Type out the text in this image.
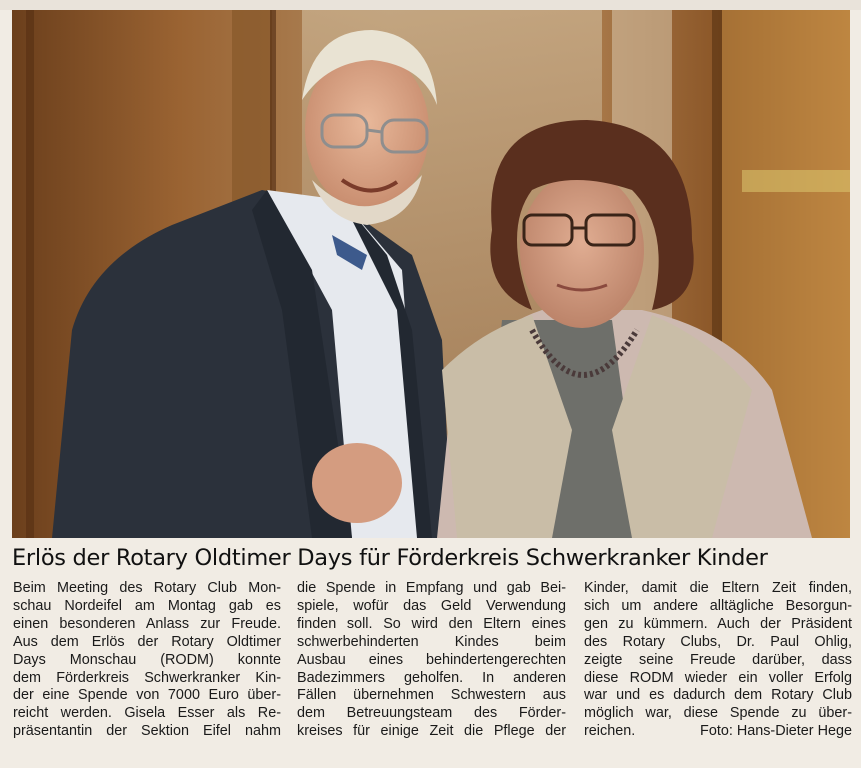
Erlös der Rotary Oldtimer Days für Förderkreis Schwerkranker Kinder
Beim Meeting des Rotary Club Mon-
schau Nordeifel am Montag gab es
einen besonderen Anlass zur Freude.
Aus dem Erlös der Rotary Oldtimer
Days Monschau (RODM) konnte
dem Förderkreis Schwerkranker Kin-
der eine Spende von 7000 Euro über-
reicht werden. Gisela Esser als Re-
präsentantin der Sektion Eifel nahm
die Spende in Empfang und gab Bei-
spiele, wofür das Geld Verwendung
finden soll. So wird den Eltern eines
schwerbehinderten Kindes beim
Ausbau eines behindertengerechten
Badezimmers geholfen. In anderen
Fällen übernehmen Schwestern aus
dem Betreuungsteam des Förder-
kreises für einige Zeit die Pflege der
Kinder, damit die Eltern Zeit finden,
sich um andere alltägliche Besorgun-
gen zu kümmern. Auch der Präsident
des Rotary Clubs, Dr. Paul Ohlig,
zeigte seine Freude darüber, dass
diese RODM wieder ein voller Erfolg
war und es dadurch dem Rotary Club
möglich war, diese Spende zu über-
reichen.	Foto: Hans-Dieter Hege
